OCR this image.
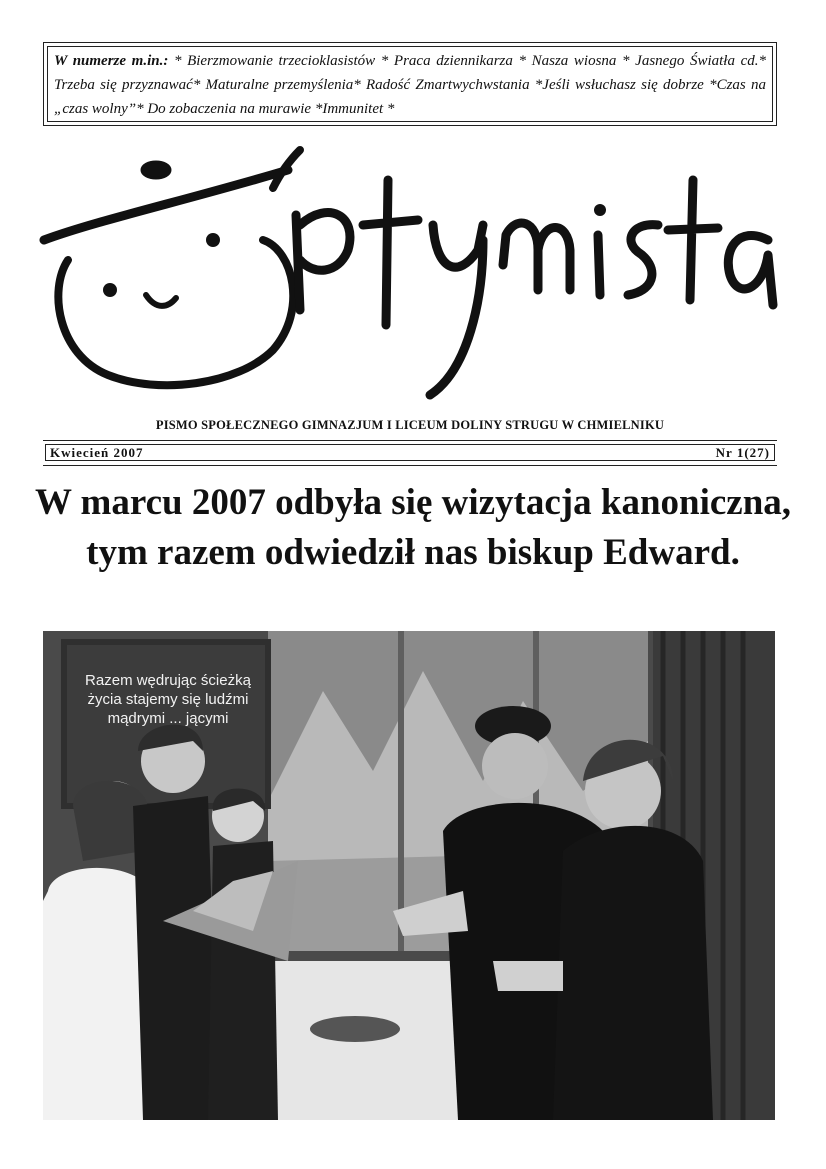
W numerze m.in.: * Bierzmowanie trzecioklasistów * Praca dziennikarza * Nasza wiosna * Jasnego Światła cd.* Trzeba się przyznawać* Maturalne przemyślenia* Radość Zmartwychwstania *Jeśli wsłuchasz się dobrze *Czas na „czas wolny”* Do zobaczenia na murawie *Immunitet *
PISMO SPOŁECZNEGO GIMNAZJUM I LICEUM DOLINY STRUGU W CHMIELNIKU
Kwiecień 2007	Nr 1(27)
W marcu 2007 odbyła się wizytacja kanoniczna, tym razem odwiedził nas biskup Edward.
Razem wędrując ścieżką życia stajemy się ludźmi mądrymi ... jącymi
